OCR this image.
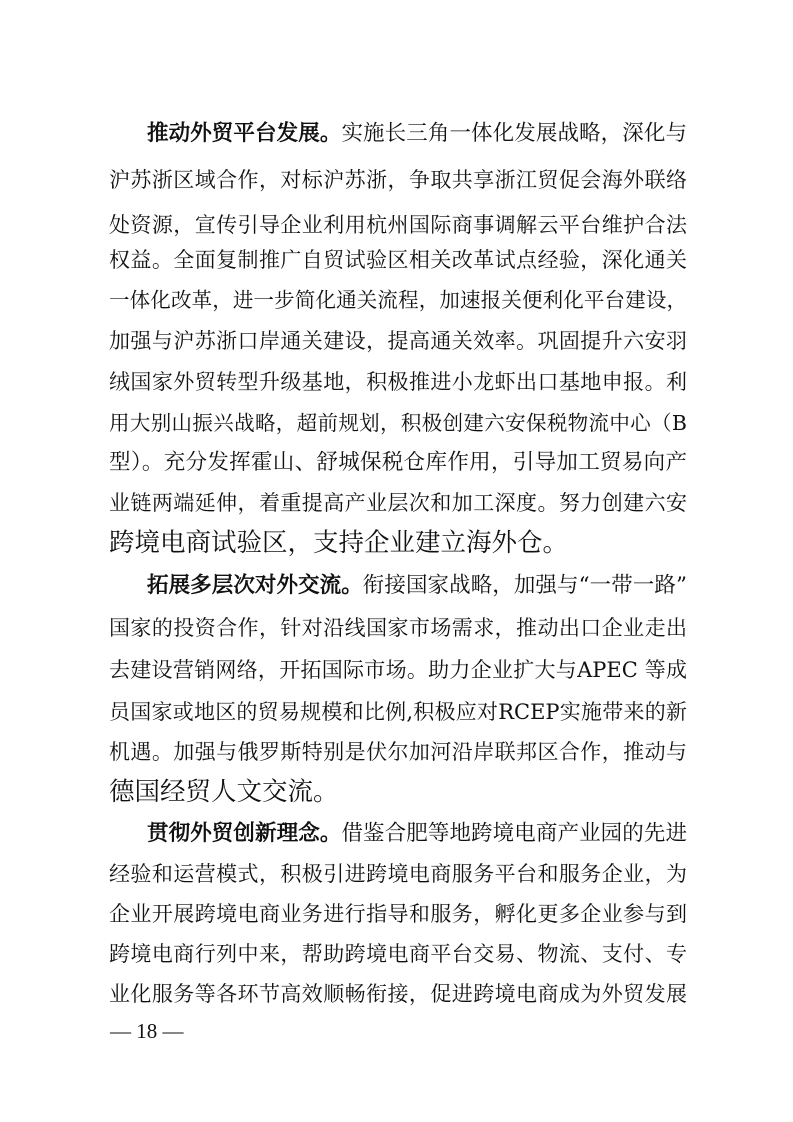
推动外贸平台发展。实施长三角一体化发展战略，深化与
沪苏浙区域合作，对标沪苏浙，争取共享浙江贸促会海外联络
处资源，宣传引导企业利用杭州国际商事调解云平台维护合法
权益。全面复制推广自贸试验区相关改革试点经验，深化通关
一体化改革，进一步简化通关流程，加速报关便利化平台建设，
加强与沪苏浙口岸通关建设，提高通关效率。巩固提升六安羽
绒国家外贸转型升级基地，积极推进小龙虾出口基地申报。利
用大别山振兴战略，超前规划，积极创建六安保税物流中心（B
型）。充分发挥霍山、舒城保税仓库作用，引导加工贸易向产
业链两端延伸，着重提高产业层次和加工深度。努力创建六安
跨境电商试验区，支持企业建立海外仓。
拓展多层次对外交流。衔接国家战略，加强与“一带一路”
国家的投资合作，针对沿线国家市场需求，推动出口企业走出
去建设营销网络，开拓国际市场。助力企业扩大与APEC 等成
员国家或地区的贸易规模和比例,积极应对RCEP实施带来的新
机遇。加强与俄罗斯特别是伏尔加河沿岸联邦区合作，推动与
德国经贸人文交流。
贯彻外贸创新理念。借鉴合肥等地跨境电商产业园的先进
经验和运营模式，积极引进跨境电商服务平台和服务企业，为
企业开展跨境电商业务进行指导和服务，孵化更多企业参与到
跨境电商行列中来，帮助跨境电商平台交易、物流、支付、专
业化服务等各环节高效顺畅衔接，促进跨境电商成为外贸发展
— 18 —
